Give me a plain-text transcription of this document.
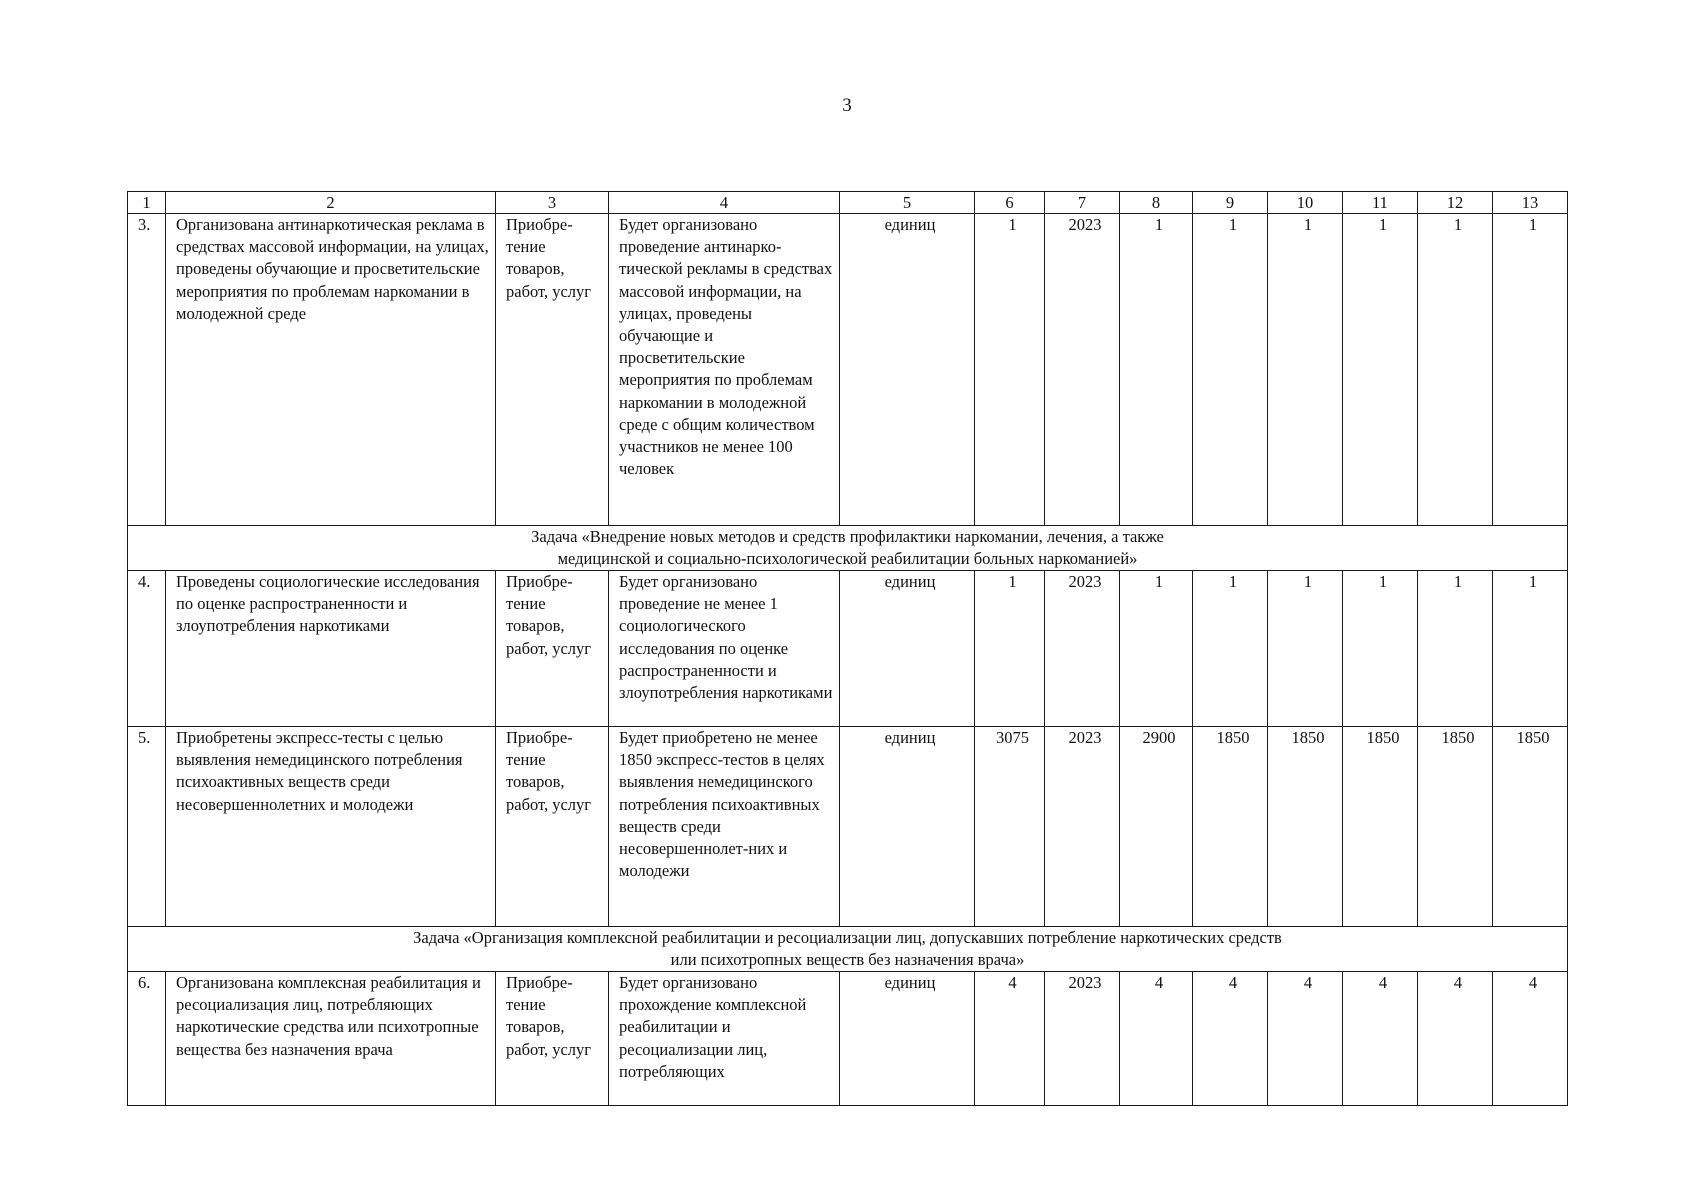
3
1	2	3	4	5	6	7	8	9	10	11	12	13
3.	Организована антинаркотическая реклама в средствах массовой информации, на улицах, проведены обучающие и просветительские мероприятия по проблемам наркомании в молодежной среде	Приобре-тение товаров, работ, услуг	Будет организовано проведение антинарко-тической рекламы в средствах массовой информации, на улицах, проведены обучающие и просветительские мероприятия по проблемам наркомании в молодежной среде с общим количеством участников не менее 100 человек	единиц	1	2023	1	1	1	1	1	1

Задача «Внедрение новых методов и средств профилактики наркомании, лечения, а также
медицинской и социально-психологической реабилитации больных наркоманией»												

4.	Проведены социологические исследования по оценке распространенности и злоупотребления наркотиками	Приобре-тение товаров, работ, услуг	Будет организовано проведение не менее 1 социологического исследования по оценке распространенности и злоупотребления наркотиками	единиц	1	2023	1	1	1	1	1	1
5.	Приобретены экспресс-тесты с целью выявления немедицинского потребления психоактивных веществ среди несовершеннолетних и молодежи	Приобре-тение товаров, работ, услуг	Будет приобретено не менее 1850 экспресс-тестов в целях выявления немедицинского потребления психоактивных веществ среди несовершеннолет-них и молодежи	единиц	3075	2023	2900	1850	1850	1850	1850	1850

Задача «Организация комплексной реабилитации и ресоциализации лиц, допускавших потребление наркотических средств
или психотропных веществ без назначения врача»												

6.	Организована комплексная реабилитация и ресоциализация лиц, потребляющих наркотические средства или психотропные вещества без назначения врача	Приобре-тение товаров, работ, услуг	Будет организовано прохождение комплексной реабилитации и ресоциализации лиц, потребляющих	единиц	4	2023	4	4	4	4	4	4
